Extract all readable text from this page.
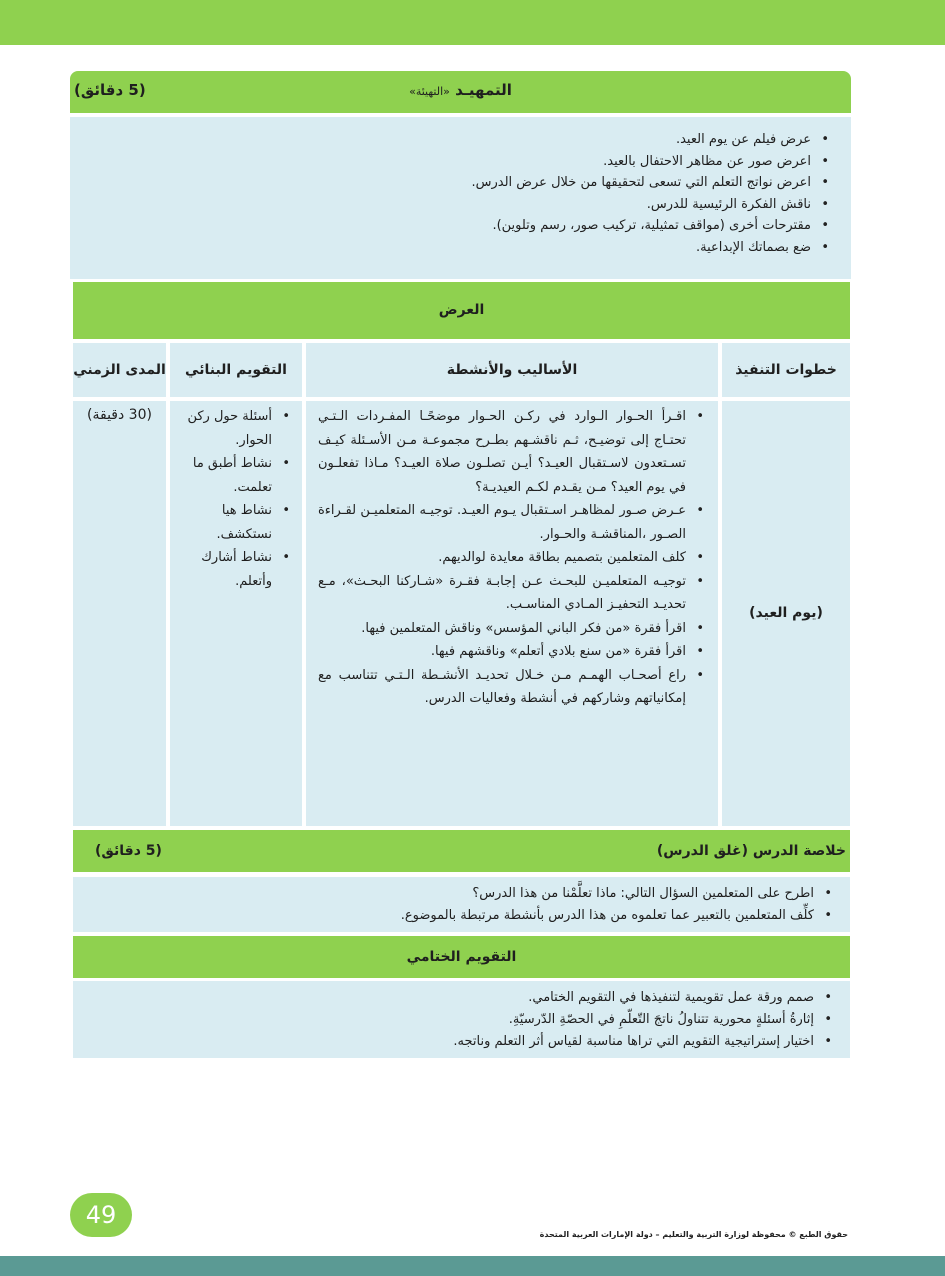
التمهيـد «التهيئة»
(5 دقائق)
• عرض فيلم عن يوم العيد.
• اعرض صور عن مظاهر الاحتفال بالعيد.
• اعرض نواتج التعلم التي تسعى لتحقيقها من خلال عرض الدرس.
• ناقش الفكرة الرئيسية للدرس.
• مقترحات أخرى (مواقف تمثيلية، تركيب صور، رسم وتلوين).
• ضع بصماتك الإبداعية.
العرض
خطوات التنفيذ
الأساليب والأنشطة
التقويم البنائي
المدى الزمني
(يوم العيد)
• اقـرأ الحـوار الـوارد في ركـن الحـوار موضحًـا المفـردات الـتـي تحتـاج إلى توضيـح، ثـم ناقشـهم بطـرح مجموعـة مـن الأسـئلة كيـف تسـتعدون لاسـتقبال العيـد؟ أيـن تصلـون صلاة العيـد؟ مـاذا تفعلـون في يوم العيد؟ مـن يقـدم لكـم العيديـة؟
• عـرض صـور لمظاهـر اسـتقبال يـوم العيـد. توجيـه المتعلميـن لقـراءة الصـور ،المناقشـة والحـوار.
• كلف المتعلمين بتصميم بطاقة معايدة لوالديهم.
• توجيـه المتعلميـن للبحـث عـن إجابـة فقـرة «شـاركنا البحـث»، مـع تحديـد التحفيـز المـادي المناسـب.
• اقرأ فقرة «من فكر الباني المؤسس» وناقش المتعلمين فيها.
• اقرأ فقرة «من سنع بلادي أتعلم» وناقشهم فيها.
• راع أصحـاب الهمـم مـن خـلال تحديـد الأنشـطة الـتـي تتناسب مع إمكانياتهم وشاركهم في أنشطة وفعاليات الدرس.
• أسئلة حول ركن الحوار.
• نشاط أطبق ما تعلمت.
• نشاط هيا نستكشف.
• نشاط أشارك وأتعلم.
(30 دقيقة)
خلاصة الدرس (غلق الدرس)
(5 دقائق)
• اطرح على المتعلمين السؤال التالي: ماذا تعلَّمْنا من هذا الدرس؟
• كلِّف المتعلمين بالتعبير عما تعلموه من هذا الدرس بأنشطة مرتبطة بالموضوع.
التقويم الختامي
• صمم ورقة عمل تقويمية لتنفيذها في التقويم الختامي.
• إثارةُ أسئلةٍ محورية تتناولُ ناتجَ التّعلّمِ في الحصّةِ الدّرسيّةِ.
• اختيار إستراتيجية التقويم التي تراها مناسبة لقياس أثر التعلم وناتجه.
49
حقوق الطبع © محفوظة لوزارة التربية والتعليم – دولة الإمارات العربية المتحدة
